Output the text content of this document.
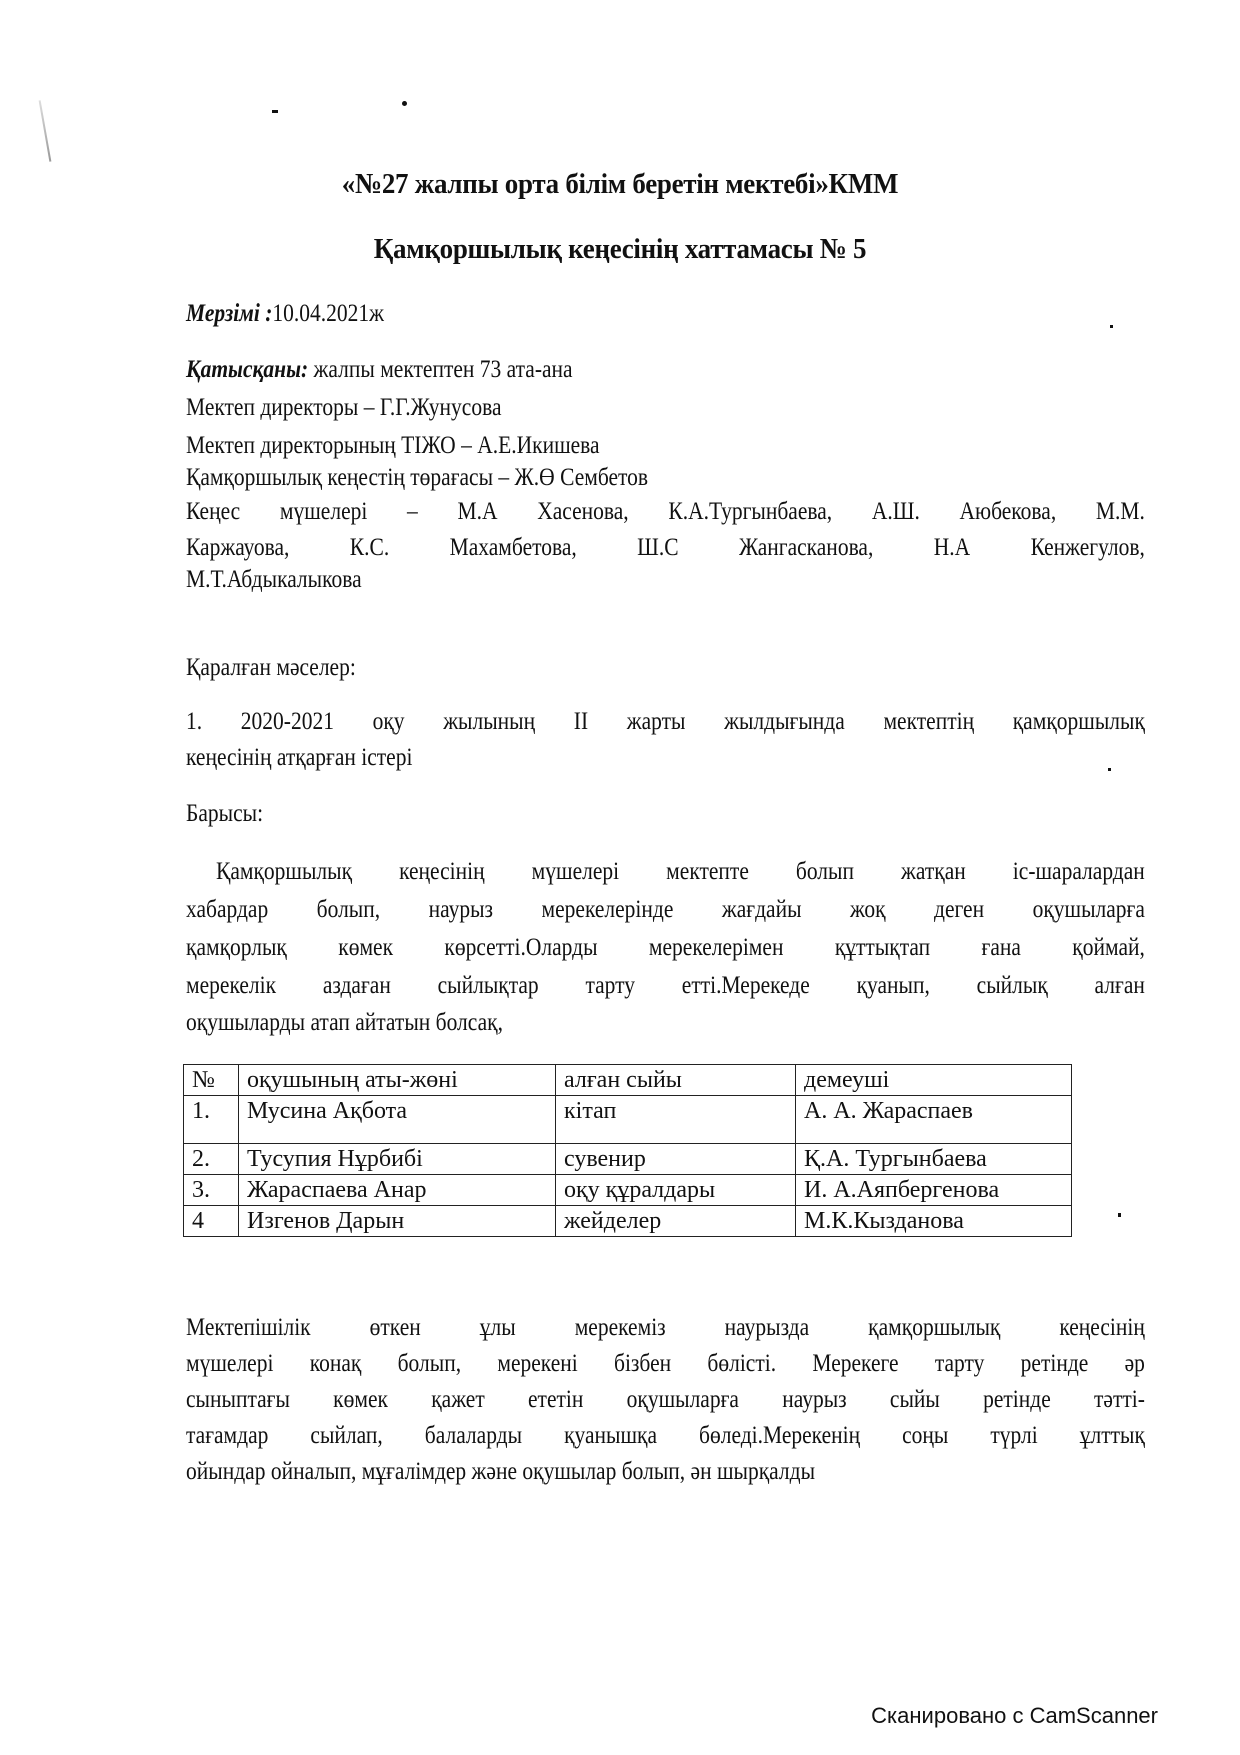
«№27 жалпы орта білім беретін мектебі»КММ
Қамқоршылық кеңесінің хаттамасы № 5
Мерзімі :10.04.2021ж
Қатысқаны: жалпы мектептен 73 ата-ана
Мектеп директоры – Г.Г.Жунусова
Мектеп директорының ТІЖО – А.Е.Икишева
Қамқоршылық кеңестің төрағасы – Ж.Ө Сембетов
Кеңес мүшелері – М.А Хасенова, К.А.Тургынбаева, А.Ш. Аюбекова, М.М.
Каржауова, К.С. Махамбетова, Ш.С Жангасканова, Н.А Кенжегулов,
М.Т.Абдыкалыкова
Қаралған мәселер:
1. 2020-2021 оқу жылының II жарты жылдығында мектептің қамқоршылық
кеңесінің атқарған істері
Барысы:
Қамқоршылық кеңесінің мүшелері мектепте болып жатқан іс-шаралардан
хабардар болып, наурыз мерекелерінде жағдайы жоқ деген оқушыларға
қамқорлық көмек көрсетті.Оларды мерекелерімен құттықтап ғана қоймай,
мерекелік аздаған сыйлықтар тарту етті.Мерекеде қуанып, сыйлық алған
оқушыларды атап айтатын болсақ,
№	оқушының аты-жөні	алған сыйы	демеуші
1.	Мусина Ақбота	кітап	А. А. Жараспаев
2.	Тусупия Нұрбибі	сувенир	Қ.А. Тургынбаева
3.	Жараспаева Анар	оқу құралдары	И. А.Аяпбергенова
4	Изгенов Дарын	жейделер	М.К.Кызданова
Мектепішілік өткен ұлы мерекеміз наурызда қамқоршылық кеңесінің
мүшелері конақ болып, мерекені бізбен бөлісті. Мерекеге тарту ретінде әр
сыныптағы көмек қажет ететін оқушыларға наурыз сыйы ретінде тәтті-
тағамдар сыйлап, балаларды қуанышқа бөледі.Мерекенің соңы түрлі ұлттық
ойындар ойналып, мұғалімдер және оқушылар болып, ән шырқалды
Сканировано с CamScanner
